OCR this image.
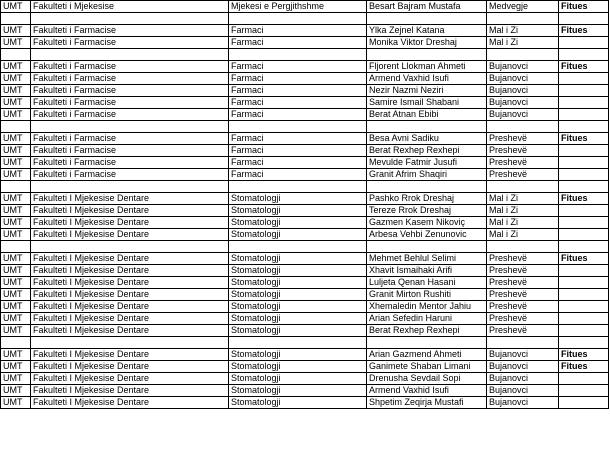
UMT	Fakulteti i Mjekesise	Mjekesi e Pergjithshme	Besart Bajram Mustafa	Medvegje	Fitues

UMT	Fakulteti i Farmacise	Farmaci	Ylka Zejnel Katana	Mal i Zi	Fitues
UMT	Fakulteti i Farmacise	Farmaci	Monika Viktor Dreshaj	Mal i Zi	

UMT	Fakulteti i Farmacise	Farmaci	Fljorent Llokman Ahmeti	Bujanovci	Fitues
UMT	Fakulteti i Farmacise	Farmaci	Armend Vaxhid Isufi	Bujanovci	
UMT	Fakulteti i Farmacise	Farmaci	Nezir Nazmi Neziri	Bujanovci	
UMT	Fakulteti i Farmacise	Farmaci	Samire Ismail Shabani	Bujanovci	
UMT	Fakulteti i Farmacise	Farmaci	Berat Atnan Ebibi	Bujanovci	

UMT	Fakulteti i Farmacise	Farmaci	Besa Avni Sadiku	Preshevë	Fitues
UMT	Fakulteti i Farmacise	Farmaci	Berat Rexhep Rexhepi	Preshevë	
UMT	Fakulteti i Farmacise	Farmaci	Mevulde Fatmir Jusufi	Preshevë	
UMT	Fakulteti i Farmacise	Farmaci	Granit Afrim Shaqiri	Preshevë	

UMT	Fakulteti I Mjekesise Dentare	Stomatologji	Pashko Rrok Dreshaj	Mal i Zi	Fitues
UMT	Fakulteti I Mjekesise Dentare	Stomatologji	Tereze Rrok Dreshaj	Mal i Zi	
UMT	Fakulteti I Mjekesise Dentare	Stomatologji	Gazmen Kasem Nikoviç	Mal i Zi	
UMT	Fakulteti I Mjekesise Dentare	Stomatologji	Arbesa Vehbi Zenunovic	Mal i Zi	

UMT	Fakulteti I Mjekesise Dentare	Stomatologji	Mehmet Behlul Selimi	Preshevë	Fitues
UMT	Fakulteti I Mjekesise Dentare	Stomatologji	Xhavit Ismaihaki Arifi	Preshevë	
UMT	Fakulteti I Mjekesise Dentare	Stomatologji	Luljeta Qenan Hasani	Preshevë	
UMT	Fakulteti I Mjekesise Dentare	Stomatologji	Granit Mirton Rushiti	Preshevë	
UMT	Fakulteti I Mjekesise Dentare	Stomatologji	Xhemaledin Mentor Jahiu	Preshevë	
UMT	Fakulteti I Mjekesise Dentare	Stomatologji	Arian Sefedin Haruni	Preshevë	
UMT	Fakulteti I Mjekesise Dentare	Stomatologji	Berat Rexhep Rexhepi	Preshevë	

UMT	Fakulteti I Mjekesise Dentare	Stomatologji	Arian Gazmend Ahmeti	Bujanovci	Fitues
UMT	Fakulteti I Mjekesise Dentare	Stomatologji	Ganimete Shaban Limani	Bujanovci	Fitues
UMT	Fakulteti I Mjekesise Dentare	Stomatologji	Drenusha Sevdail Sopi	Bujanovci	
UMT	Fakulteti I Mjekesise Dentare	Stomatologji	Armend Vaxhid Isufi	Bujanovci	
UMT	Fakulteti I Mjekesise Dentare	Stomatologji	Shpetim Zeqirja Mustafi	Bujanovci	
